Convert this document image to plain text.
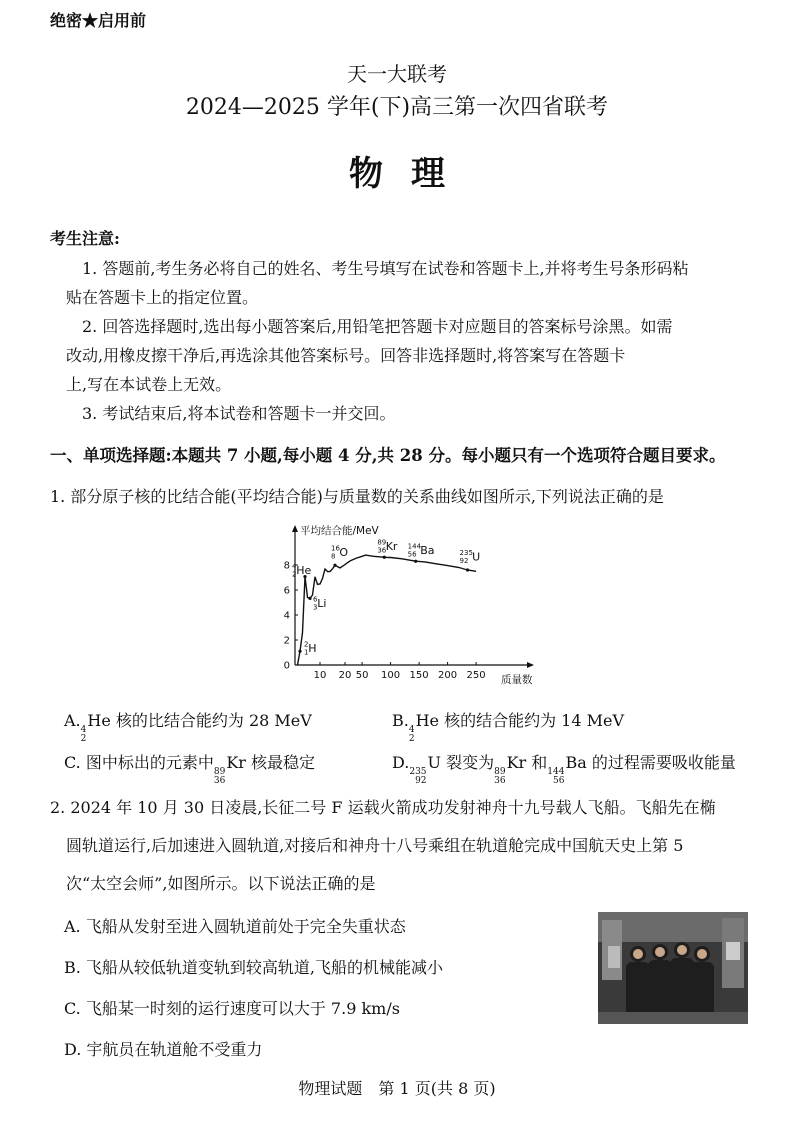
绝密★启用前
天一大联考
2024—2025 学年(下)高三第一次四省联考
物理
考生注意:
1. 答题前,考生务必将自己的姓名、考生号填写在试卷和答题卡上,并将考生号条形码粘
贴在答题卡上的指定位置。
2. 回答选择题时,选出每小题答案后,用铅笔把答题卡对应题目的答案标号涂黑。如需
改动,用橡皮擦干净后,再选涂其他答案标号。回答非选择题时,将答案写在答题卡
上,写在本试卷上无效。
3. 考试结束后,将本试卷和答题卡一并交回。
一、单项选择题:本题共 7 小题,每小题 4 分,共 28 分。每小题只有一个选项符合题目要求。
1. 部分原子核的比结合能(平均结合能)与质量数的关系曲线如图所示,下列说法正确的是
平均结合能/MeV
质量数
0
2
4
6
8
10 20 50 100 150 200 250
2
1 H
4
2 He
6
3 Li
16
8 O
89
36 Kr 144
56 Ba	235
92 U
A. 4
2
He 核的比结合能约为 28 MeV	B. 4
2
He 核的结合能约为 14 MeV
C. 图中标出的元素中 89
36
Kr 核最稳定	D. 235
92
U 裂变为 89
36
Kr 和 144
56
Ba 的过程需要吸收能量
2. 2024 年 10 月 30 日凌晨,长征二号 F 运载火箭成功发射神舟十九号载人飞船。飞船先在椭
圆轨道运行,后加速进入圆轨道,对接后和神舟十八号乘组在轨道舱完成中国航天史上第 5
次“太空会师”,如图所示。以下说法正确的是
A. 飞船从发射至进入圆轨道前处于完全失重状态
B. 飞船从较低轨道变轨到较高轨道,飞船的机械能减小
C. 飞船某一时刻的运行速度可以大于 7.9 km/s
D. 宇航员在轨道舱不受重力
物理试题　第 1 页(共 8 页)
